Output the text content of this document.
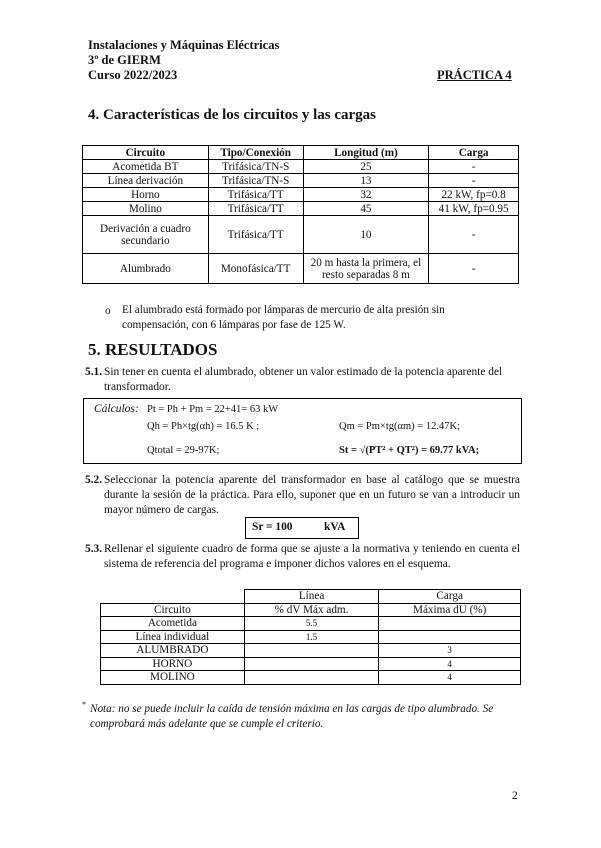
Instalaciones y Máquinas Eléctricas
3º de GIERM
Curso 2022/2023	PRÁCTICA 4
4. Características de los circuitos y las cargas
Circuito	Tipo/Conexión	Longitud (m)	Carga
Acometida BT	Trifásica/TN-S	25	-
Línea derivación	Trifásica/TN-S	13	-
Horno	Trifásica/TT	32	22 kW, fp=0.8
Molino	Trifásica/TT	45	41 kW, fp=0.95
Derivación a cuadro secundario	Trifásica/TT	10	-
Alumbrado	Monofásica/TT	20 m hasta la primera, el resto separadas 8 m	-
o El alumbrado está formado por lámparas de mercurio de alta presión sin compensación, con 6 lámparas por fase de 125 W.
5. RESULTADOS
5.1. Sin tener en cuenta el alumbrado, obtener un valor estimado de la potencia aparente del transformador.
Cálculos: Pt = Ph + Pm = 22+41= 63 kW
Qh = Ph×tg(αh) = 16.5 K ;	Qm = Pm×tg(αm) = 12.47K;
Qtotal = 29-97K;	St = √(PT² + QT²) = 69.77 kVA;
5.2. Seleccionar la potencia aparente del transformador en base al catálogo que se muestra durante la sesión de la práctica. Para ello, suponer que en un futuro se van a introducir un mayor número de cargas.
Sr = 100	kVA
5.3. Rellenar el siguiente cuadro de forma que se ajuste a la normativa y teniendo en cuenta el sistema de referencia del programa e imponer dichos valores en el esquema.
	Línea	Carga
Circuito	% dV Máx adm.	Máxima dU (%)
Acometida	5.5	
Línea individual	1.5	
ALUMBRADO		3
HORNO		4
MOLINO		4
* Nota: no se puede incluir la caída de tensión máxima en las cargas de tipo alumbrado. Se comprobará más adelante que se cumple el criterio.
2
